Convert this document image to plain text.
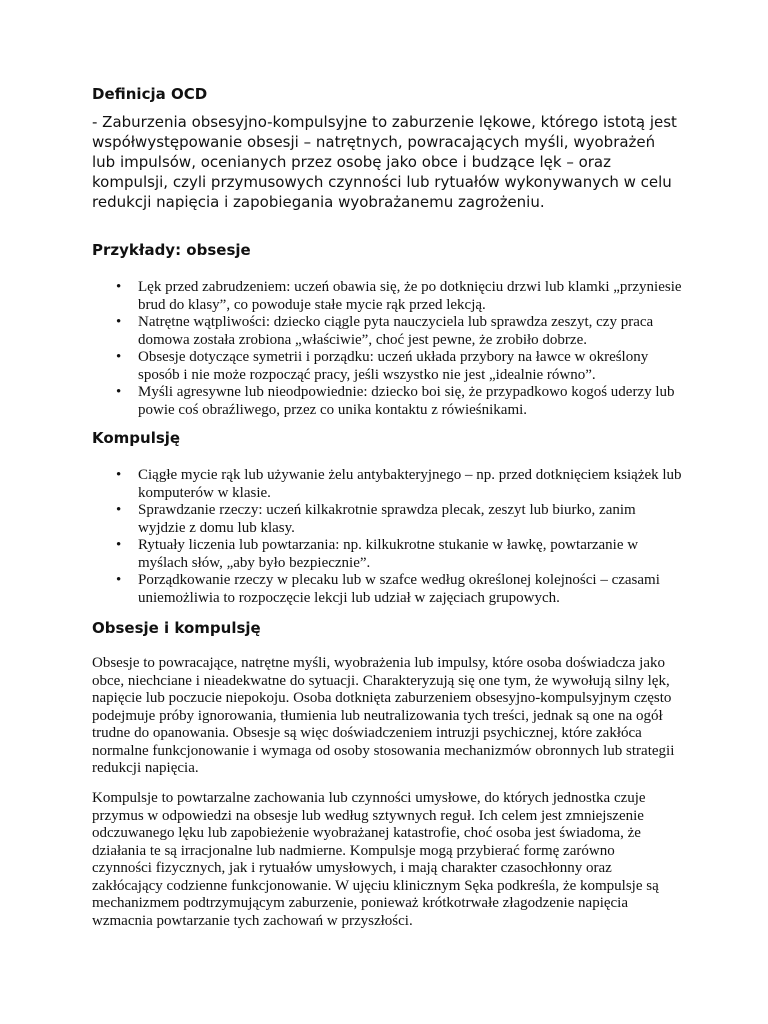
Definicja OCD

- Zaburzenia obsesyjno-kompulsyjne to zaburzenie lękowe, którego istotą jest współwystępowanie obsesji – natrętnych, powracających myśli, wyobrażeń lub impulsów, ocenianych przez osobę jako obce i budzące lęk – oraz kompulsji, czyli przymusowych czynności lub rytuałów wykonywanych w celu redukcji napięcia i zapobiegania wyobrażanemu zagrożeniu.

Przykłady: obsesje
• Lęk przed zabrudzeniem: uczeń obawia się, że po dotknięciu drzwi lub klamki „przyniesie brud do klasy”, co powoduje stałe mycie rąk przed lekcją.
• Natrętne wątpliwości: dziecko ciągle pyta nauczyciela lub sprawdza zeszyt, czy praca domowa została zrobiona „właściwie”, choć jest pewne, że zrobiło dobrze.
• Obsesje dotyczące symetrii i porządku: uczeń układa przybory na ławce w określony sposób i nie może rozpocząć pracy, jeśli wszystko nie jest „idealnie równo”.
• Myśli agresywne lub nieodpowiednie: dziecko boi się, że przypadkowo kogoś uderzy lub powie coś obraźliwego, przez co unika kontaktu z rówieśnikami.
Kompulsję
• Ciągłe mycie rąk lub używanie żelu antybakteryjnego – np. przed dotknięciem książek lub komputerów w klasie.
• Sprawdzanie rzeczy: uczeń kilkakrotnie sprawdza plecak, zeszyt lub biurko, zanim wyjdzie z domu lub klasy.
• Rytuały liczenia lub powtarzania: np. kilkukrotne stukanie w ławkę, powtarzanie w myślach słów, „aby było bezpiecznie”.
• Porządkowanie rzeczy w plecaku lub w szafce według określonej kolejności – czasami uniemożliwia to rozpoczęcie lekcji lub udział w zajęciach grupowych.
Obsesje i kompulsję

Obsesje to powracające, natrętne myśli, wyobrażenia lub impulsy, które osoba doświadcza jako obce, niechciane i nieadekwatne do sytuacji. Charakteryzują się one tym, że wywołują silny lęk, napięcie lub poczucie niepokoju. Osoba dotknięta zaburzeniem obsesyjno-kompulsyjnym często podejmuje próby ignorowania, tłumienia lub neutralizowania tych treści, jednak są one na ogół trudne do opanowania. Obsesje są więc doświadczeniem intruzji psychicznej, które zakłóca normalne funkcjonowanie i wymaga od osoby stosowania mechanizmów obronnych lub strategii redukcji napięcia.

Kompulsje to powtarzalne zachowania lub czynności umysłowe, do których jednostka czuje przymus w odpowiedzi na obsesje lub według sztywnych reguł. Ich celem jest zmniejszenie odczuwanego lęku lub zapobieżenie wyobrażanej katastrofie, choć osoba jest świadoma, że działania te są irracjonalne lub nadmierne. Kompulsje mogą przybierać formę zarówno czynności fizycznych, jak i rytuałów umysłowych, i mają charakter czasochłonny oraz zakłócający codzienne funkcjonowanie. W ujęciu klinicznym Sęka podkreśla, że kompulsje są mechanizmem podtrzymującym zaburzenie, ponieważ krótkotrwałe złagodzenie napięcia wzmacnia powtarzanie tych zachowań w przyszłości.
